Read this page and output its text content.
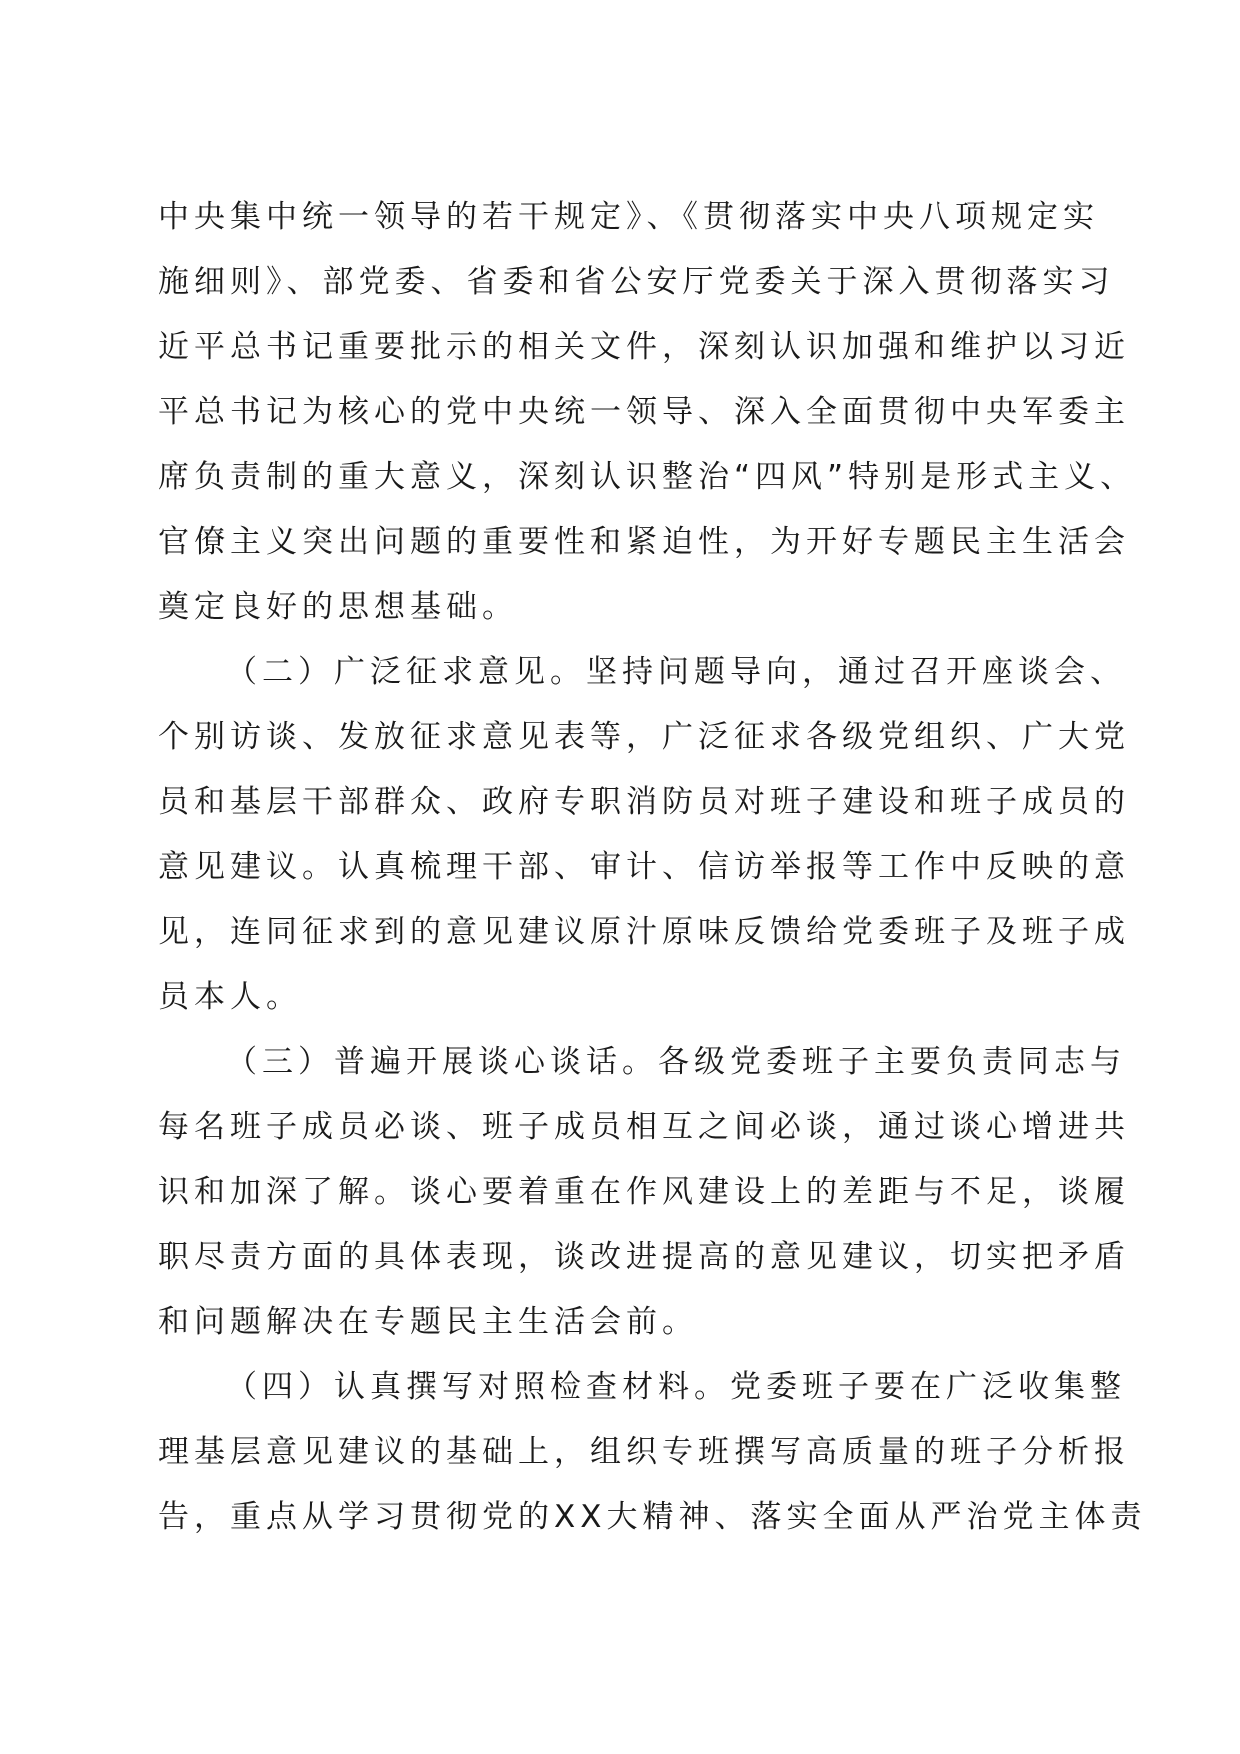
中央集中统一领导的若干规定》、《贯彻落实中央八项规定实
施细则》、部党委、省委和省公安厅党委关于深入贯彻落实习
近平总书记重要批示的相关文件，深刻认识加强和维护以习近
平总书记为核心的党中央统一领导、深入全面贯彻中央军委主
席负责制的重大意义，深刻认识整治“四风”特别是形式主义、
官僚主义突出问题的重要性和紧迫性，为开好专题民主生活会
奠定良好的思想基础。
（二）广泛征求意见。坚持问题导向，通过召开座谈会、
个别访谈、发放征求意见表等，广泛征求各级党组织、广大党
员和基层干部群众、政府专职消防员对班子建设和班子成员的
意见建议。认真梳理干部、审计、信访举报等工作中反映的意
见，连同征求到的意见建议原汁原味反馈给党委班子及班子成
员本人。
（三）普遍开展谈心谈话。各级党委班子主要负责同志与
每名班子成员必谈、班子成员相互之间必谈，通过谈心增进共
识和加深了解。谈心要着重在作风建设上的差距与不足，谈履
职尽责方面的具体表现，谈改进提高的意见建议，切实把矛盾
和问题解决在专题民主生活会前。
（四）认真撰写对照检查材料。党委班子要在广泛收集整
理基层意见建议的基础上，组织专班撰写高质量的班子分析报
告，重点从学习贯彻党的XX大精神、落实全面从严治党主体责
